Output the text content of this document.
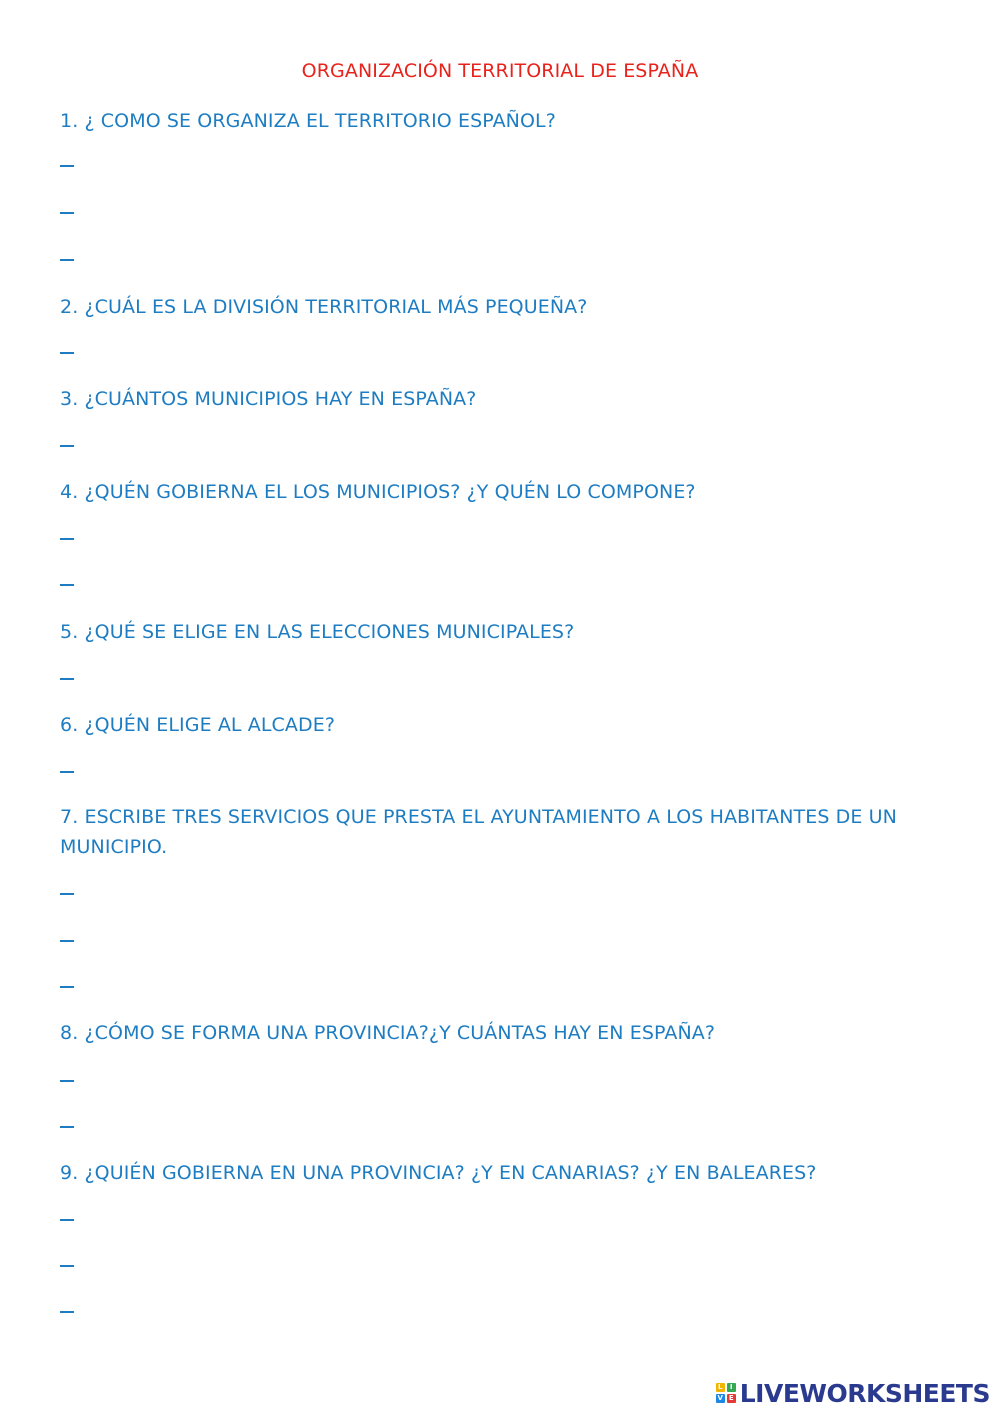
ORGANIZACIÓN TERRITORIAL DE ESPAÑA
1. ¿ COMO SE ORGANIZA EL TERRITORIO ESPAÑOL?
2. ¿CUÁL ES LA DIVISIÓN TERRITORIAL MÁS PEQUEÑA?
3. ¿CUÁNTOS MUNICIPIOS HAY EN ESPAÑA?
4. ¿QUÉN GOBIERNA EL LOS MUNICIPIOS? ¿Y QUÉN LO COMPONE?
5. ¿QUÉ SE ELIGE EN LAS ELECCIONES MUNICIPALES?
6. ¿QUÉN ELIGE AL ALCADE?
7. ESCRIBE TRES SERVICIOS QUE PRESTA EL AYUNTAMIENTO A LOS HABITANTES DE UN MUNICIPIO.
8. ¿CÓMO SE FORMA UNA PROVINCIA?¿Y CUÁNTAS HAY EN ESPAÑA?
9. ¿QUIÉN GOBIERNA EN UNA PROVINCIA? ¿Y EN CANARIAS? ¿Y EN BALEARES?
L	I
V E LIVEWORKSHEETS
